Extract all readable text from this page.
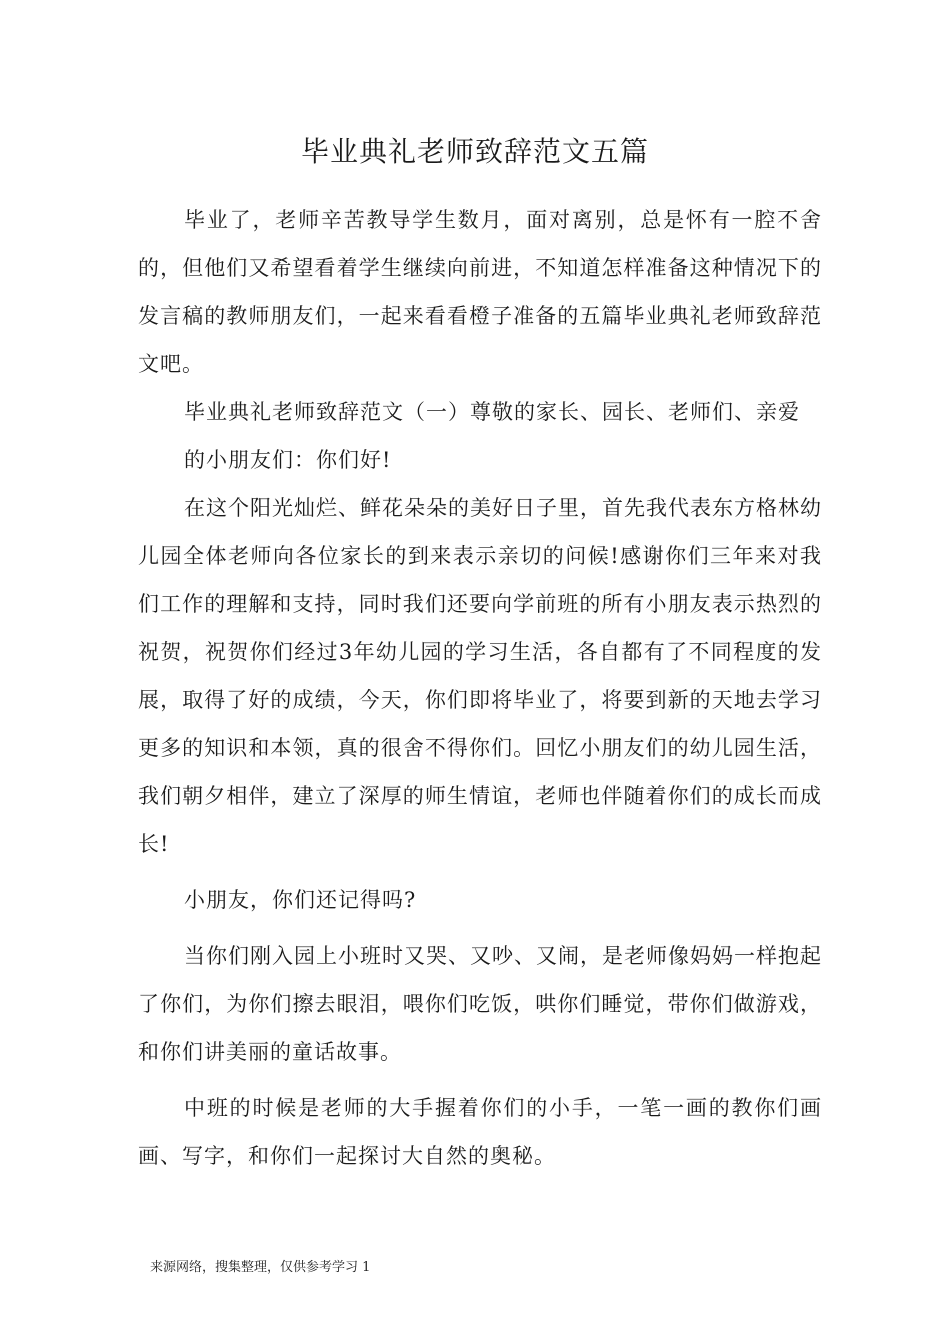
毕业典礼老师致辞范文五篇

毕业了，老师辛苦教导学生数月，面对离别，总是怀有一腔不舍的，但他们又希望看着学生继续向前进，不知道怎样准备这种情况下的发言稿的教师朋友们，一起来看看橙子准备的五篇毕业典礼老师致辞范文吧。

毕业典礼老师致辞范文（一）尊敬的家长、园长、老师们、亲爱

的小朋友们：你们好!

在这个阳光灿烂、鲜花朵朵的美好日子里，首先我代表东方格林幼儿园全体老师向各位家长的到来表示亲切的问候!感谢你们三年来对我们工作的理解和支持，同时我们还要向学前班的所有小朋友表示热烈的祝贺，祝贺你们经过3年幼儿园的学习生活，各自都有了不同程度的发展，取得了好的成绩，今天，你们即将毕业了，将要到新的天地去学习更多的知识和本领，真的很舍不得你们。回忆小朋友们的幼儿园生活，我们朝夕相伴，建立了深厚的师生情谊，老师也伴随着你们的成长而成长!

小朋友，你们还记得吗?

当你们刚入园上小班时又哭、又吵、又闹，是老师像妈妈一样抱起了你们，为你们擦去眼泪，喂你们吃饭，哄你们睡觉，带你们做游戏，和你们讲美丽的童话故事。

中班的时候是老师的大手握着你们的小手，一笔一画的教你们画画、写字，和你们一起探讨大自然的奥秘。

来源网络，搜集整理，仅供参考学习 1
